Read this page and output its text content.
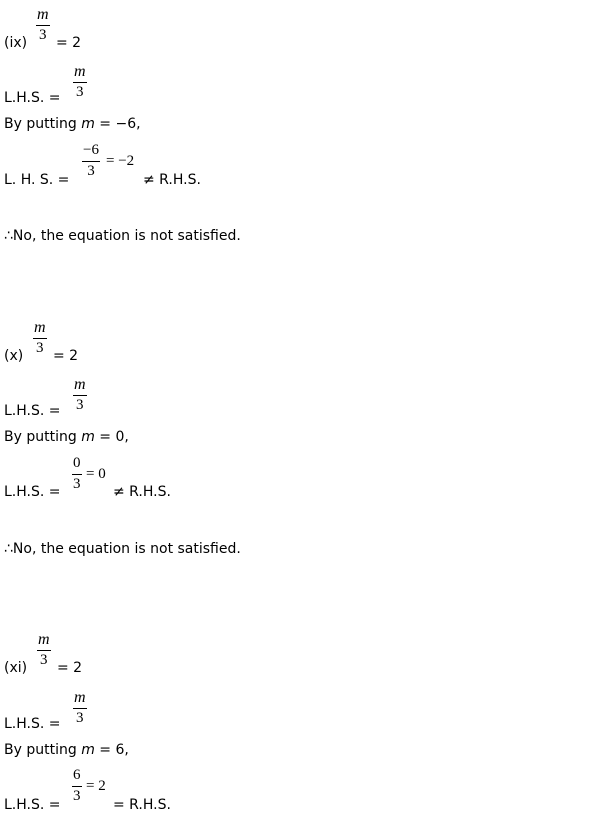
(ix)
m
3 = 2
L.H.S. =
m
3
By putting m = −6,
L. H. S. =
−6
3
= −2
≠ R.H.S.
∴No, the equation is not satisfied.
(x)
m
3 = 2
L.H.S. =
m
3
By putting m = 0,
L.H.S. =
0
3
= 0
≠ R.H.S.
∴No, the equation is not satisfied.
(xi)
m
3 = 2
L.H.S. =
m
3
By putting m = 6,
L.H.S. =
6
3
= 2
= R.H.S.
